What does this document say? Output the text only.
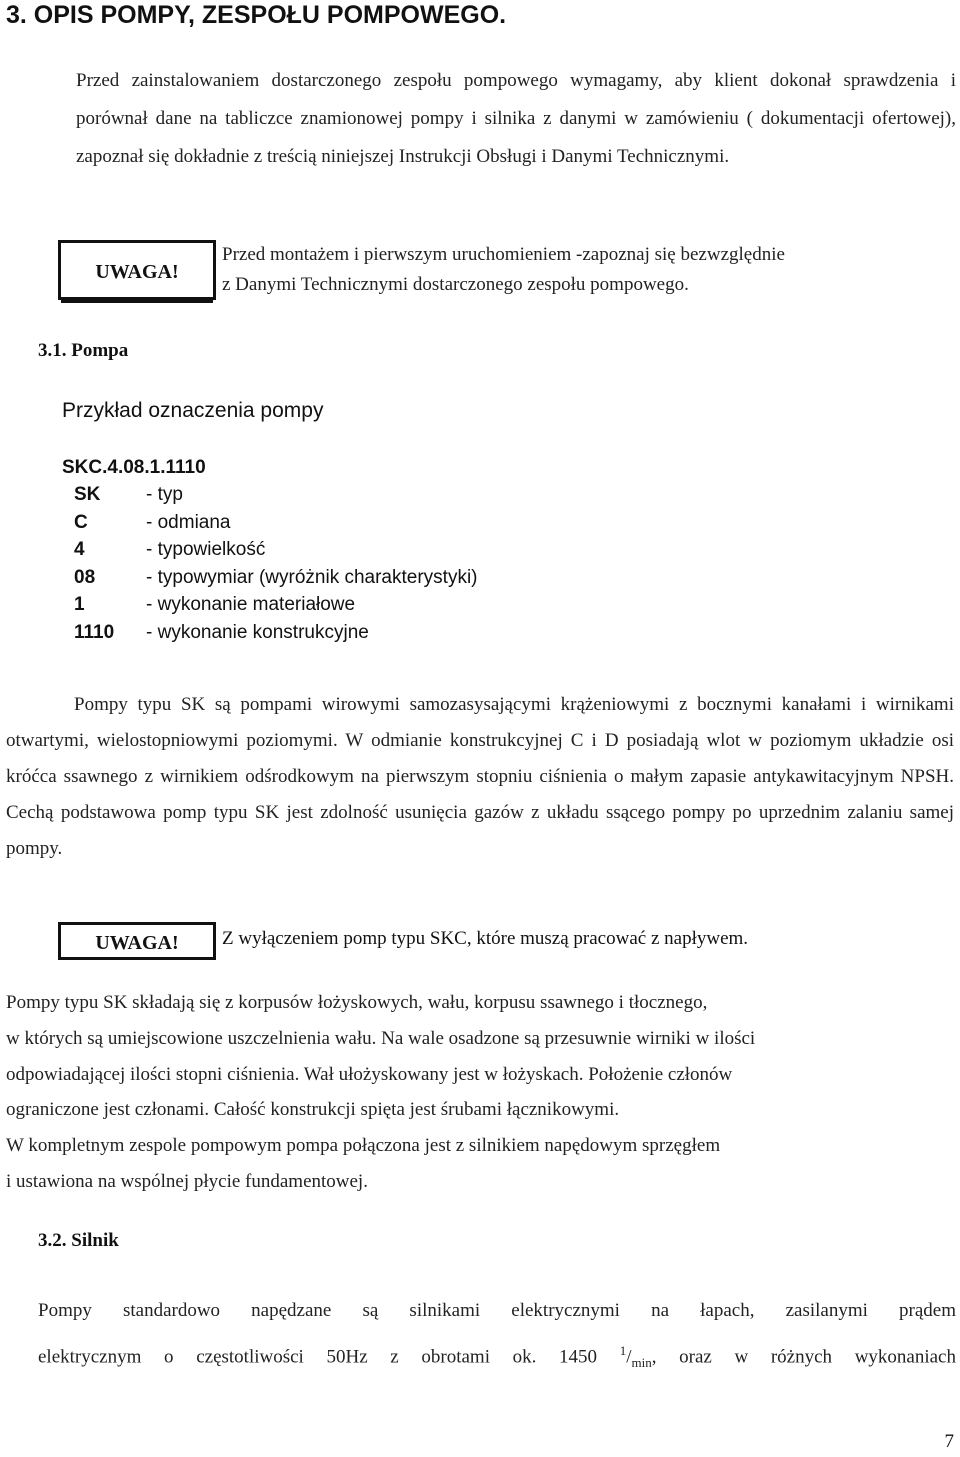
3. OPIS POMPY, ZESPOŁU POMPOWEGO.
Przed zainstalowaniem dostarczonego zespołu pompowego wymagamy, aby klient dokonał sprawdzenia i porównał dane na tabliczce znamionowej pompy i silnika z danymi w zamówieniu ( dokumentacji ofertowej), zapoznał się dokładnie z treścią niniejszej Instrukcji Obsługi i Danymi Technicznymi.
UWAGA!
Przed montażem i pierwszym uruchomieniem -zapoznaj się bezwzględnie
z Danymi Technicznymi dostarczonego zespołu pompowego.
3.1. Pompa
Przykład oznaczenia pompy
SKC.4.08.1.1110
SK	- typ
C	- odmiana
4	- typowielkość
08	- typowymiar (wyróżnik charakterystyki)
1	- wykonanie materiałowe
1110	- wykonanie konstrukcyjne
Pompy typu SK są pompami wirowymi samozasysającymi krążeniowymi z bocznymi kanałami i wirnikami otwartymi, wielostopniowymi poziomymi. W odmianie konstrukcyjnej C i D posiadają wlot w poziomym układzie osi króćca ssawnego z wirnikiem odśrodkowym na pierwszym stopniu ciśnienia o małym zapasie antykawitacyjnym NPSH. Cechą podstawowa pomp typu SK jest zdolność usunięcia gazów z układu ssącego pompy po uprzednim zalaniu samej pompy.
UWAGA!	Z wyłączeniem pomp typu SKC, które muszą pracować z napływem.
Pompy typu SK składają się z korpusów łożyskowych, wału, korpusu ssawnego i tłocznego,
w których są umiejscowione uszczelnienia wału. Na wale osadzone są przesuwnie wirniki w ilości
odpowiadającej ilości stopni ciśnienia. Wał ułożyskowany jest w łożyskach. Położenie członów
ograniczone jest członami. Całość konstrukcji spięta jest śrubami łącznikowymi.
W kompletnym zespole pompowym pompa połączona jest z silnikiem napędowym sprzęgłem
i ustawiona na wspólnej płycie fundamentowej.
3.2. Silnik
Pompy standardowo napędzane są silnikami elektrycznymi na łapach, zasilanymi prądem
elektrycznym o częstotliwości 50Hz z obrotami ok. 1450 $^1/_{min}$, oraz w różnych wykonaniach
7
